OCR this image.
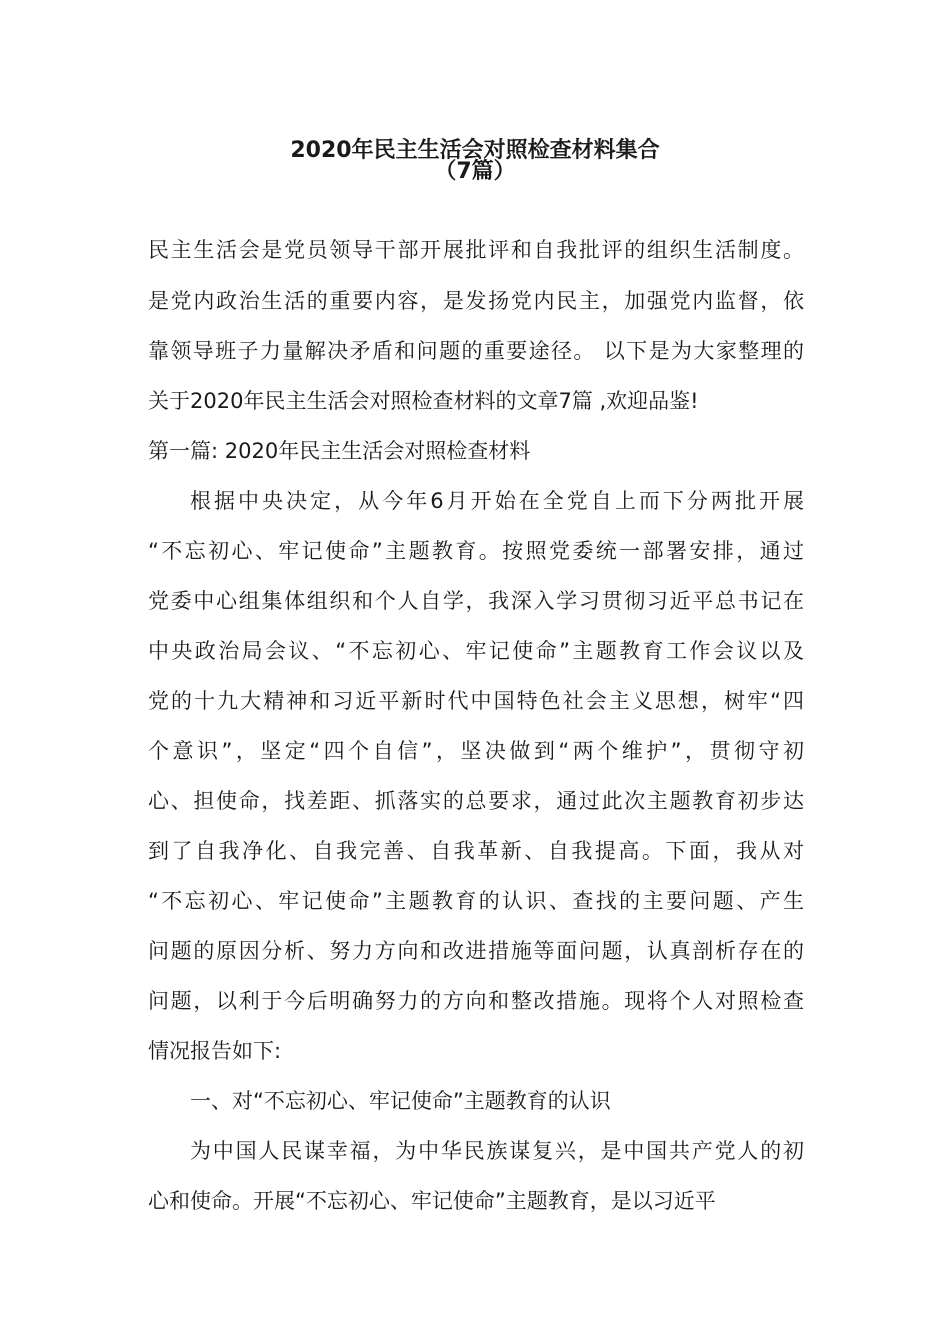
2020年民主生活会对照检查材料集合
（7篇）
民主生活会是党员领导干部开展批评和自我批评的组织生活制度。
是党内政治生活的重要内容，是发扬党内民主，加强党内监督，依
靠领导班子力量解决矛盾和问题的重要途径。 以下是为大家整理的
关于2020年民主生活会对照检查材料的文章7篇 ,欢迎品鉴!
第一篇: 2020年民主生活会对照检查材料
根据中央决定，从今年6月开始在全党自上而下分两批开展
“不忘初心、牢记使命”主题教育。按照党委统一部署安排，通过
党委中心组集体组织和个人自学，我深入学习贯彻习近平总书记在
中央政治局会议、“不忘初心、牢记使命”主题教育工作会议以及
党的十九大精神和习近平新时代中国特色社会主义思想，树牢“四
个意识”，坚定“四个自信”，坚决做到“两个维护”，贯彻守初
心、担使命，找差距、抓落实的总要求，通过此次主题教育初步达
到了自我净化、自我完善、自我革新、自我提高。下面，我从对
“不忘初心、牢记使命”主题教育的认识、查找的主要问题、产生
问题的原因分析、努力方向和改进措施等面问题，认真剖析存在的
问题，以利于今后明确努力的方向和整改措施。现将个人对照检查
情况报告如下:
一、对“不忘初心、牢记使命”主题教育的认识
为中国人民谋幸福，为中华民族谋复兴，是中国共产党人的初
心和使命。开展“不忘初心、牢记使命”主题教育，是以习近平
